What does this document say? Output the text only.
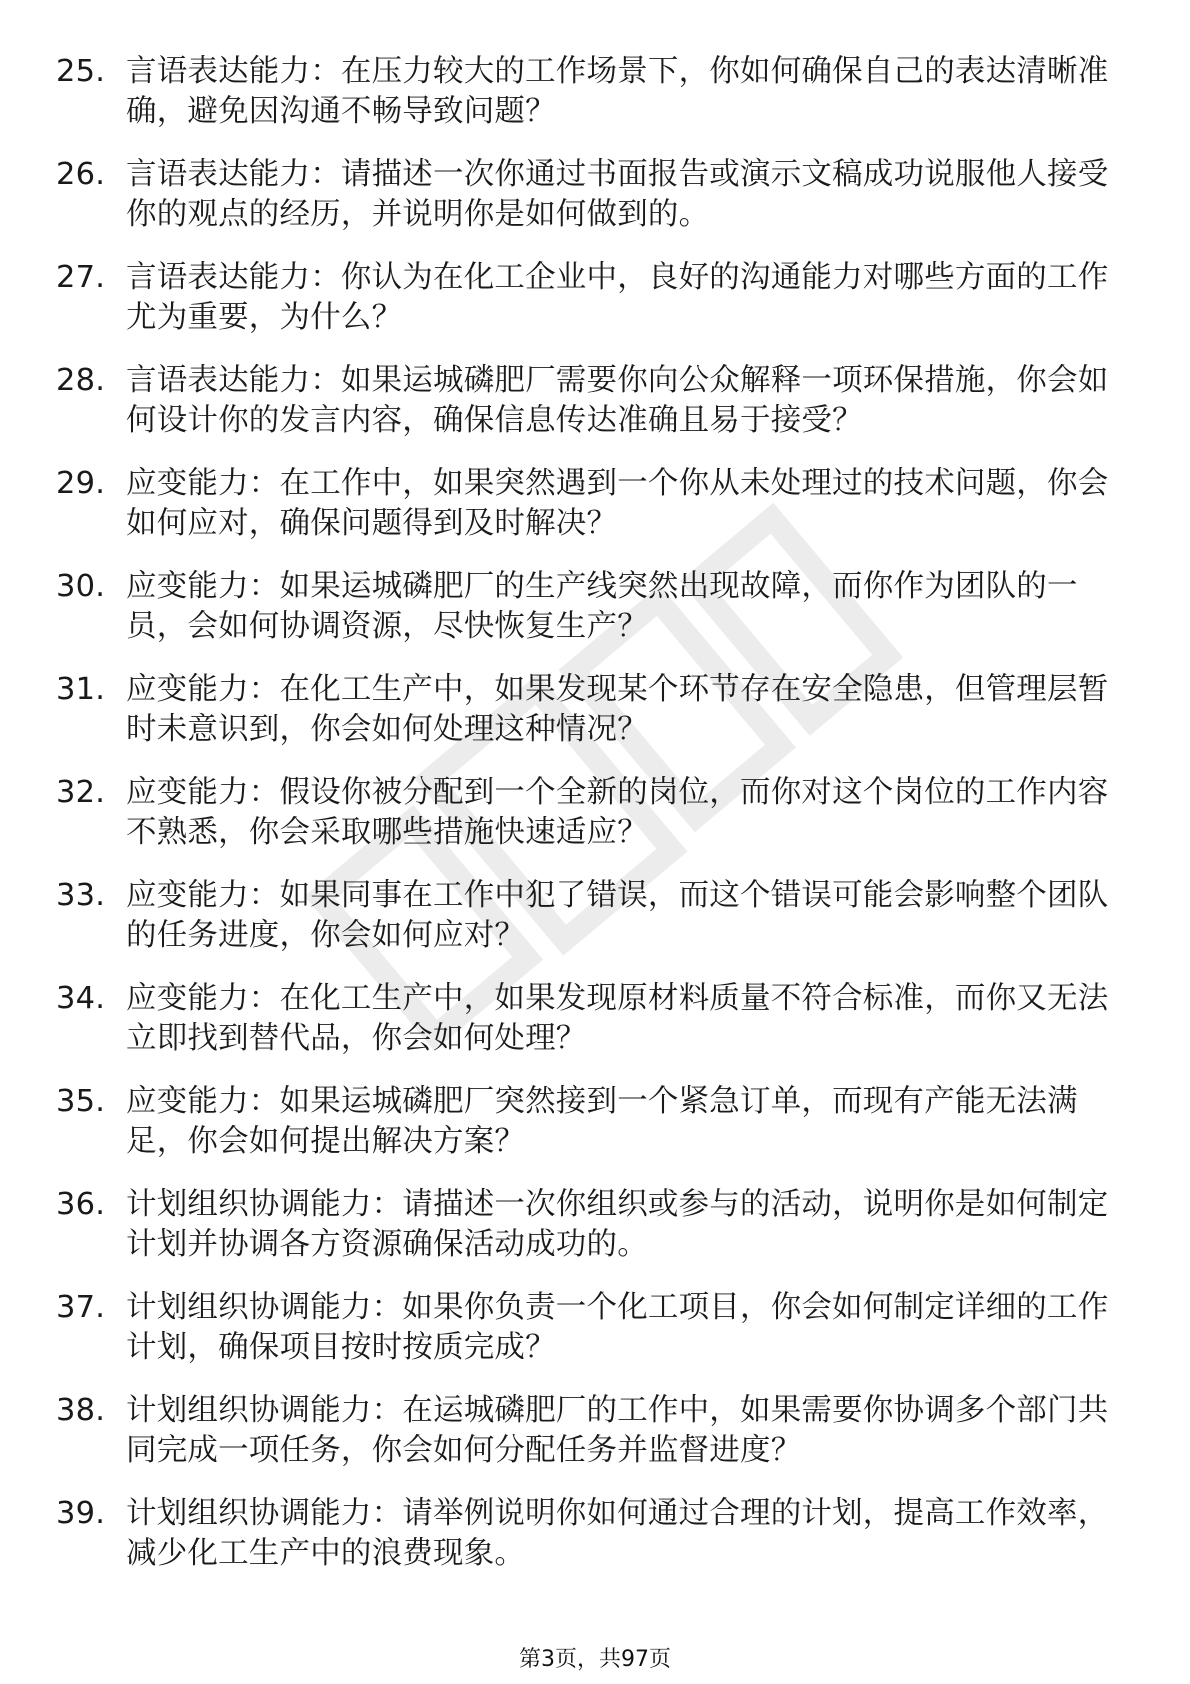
25. 言语表达能力：在压力较大的工作场景下，你如何确保自己的表达清晰准确，避免因沟通不畅导致问题？
26. 言语表达能力：请描述一次你通过书面报告或演示文稿成功说服他人接受你的观点的经历，并说明你是如何做到的。
27. 言语表达能力：你认为在化工企业中，良好的沟通能力对哪些方面的工作尤为重要，为什么？
28. 言语表达能力：如果运城磷肥厂需要你向公众解释一项环保措施，你会如何设计你的发言内容，确保信息传达准确且易于接受？
29. 应变能力：在工作中，如果突然遇到一个你从未处理过的技术问题，你会如何应对，确保问题得到及时解决？
30. 应变能力：如果运城磷肥厂的生产线突然出现故障，而你作为团队的一员，会如何协调资源，尽快恢复生产？
31. 应变能力：在化工生产中，如果发现某个环节存在安全隐患，但管理层暂时未意识到，你会如何处理这种情况？
32. 应变能力：假设你被分配到一个全新的岗位，而你对这个岗位的工作内容不熟悉，你会采取哪些措施快速适应？
33. 应变能力：如果同事在工作中犯了错误，而这个错误可能会影响整个团队的任务进度，你会如何应对？
34. 应变能力：在化工生产中，如果发现原材料质量不符合标准，而你又无法立即找到替代品，你会如何处理？
35. 应变能力：如果运城磷肥厂突然接到一个紧急订单，而现有产能无法满足，你会如何提出解决方案？
36. 计划组织协调能力：请描述一次你组织或参与的活动，说明你是如何制定计划并协调各方资源确保活动成功的。
37. 计划组织协调能力：如果你负责一个化工项目，你会如何制定详细的工作计划，确保项目按时按质完成？
38. 计划组织协调能力：在运城磷肥厂的工作中，如果需要你协调多个部门共同完成一项任务，你会如何分配任务并监督进度？
39. 计划组织协调能力：请举例说明你如何通过合理的计划，提高工作效率，减少化工生产中的浪费现象。
第3页，共97页
